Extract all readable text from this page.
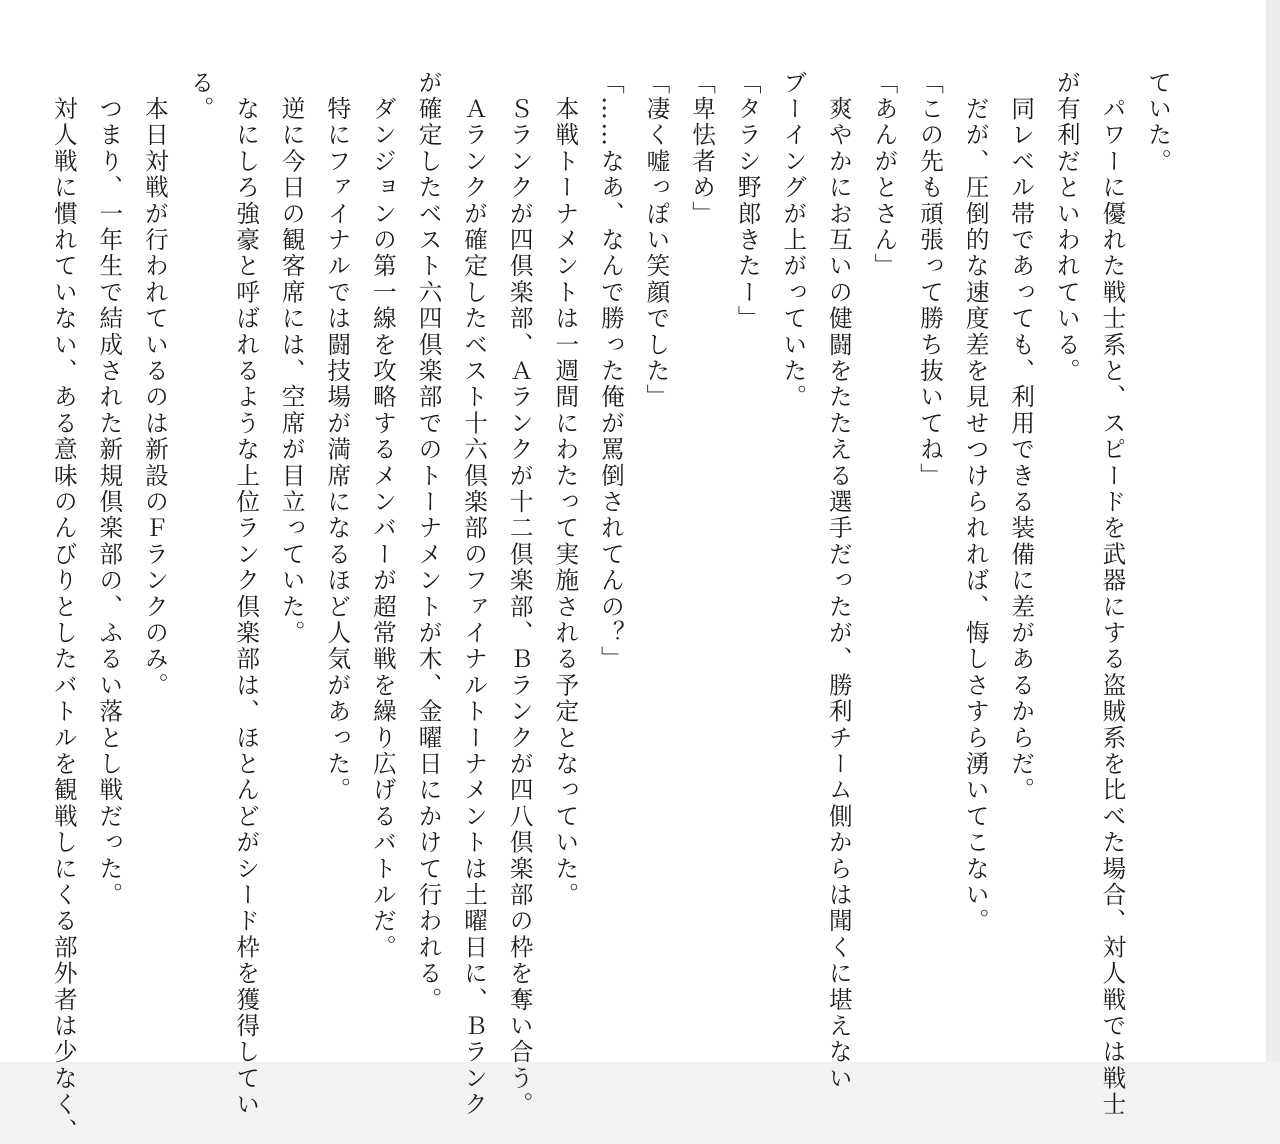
ていた。
　パワーに優れた戦士系と、スピードを武器にする盗賊系を比べた場合、対人戦では戦士
が有利だといわれている。
　同レベル帯であっても、利用できる装備に差があるからだ。
　だが、圧倒的な速度差を見せつけられれば、悔しさすら湧いてこない。
「この先も頑張って勝ち抜いてね」
「あんがとさん」
　爽やかにお互いの健闘をたたえる選手だったが、勝利チーム側からは聞くに堪えない
ブーイングが上がっていた。
「タラシ野郎きたー」
「卑怯者め」
「凄く嘘っぽい笑顔でした」
「……なあ、なんで勝った俺が罵倒されてんの？」
　本戦トーナメントは一週間にわたって実施される予定となっていた。
　Ｓランクが四倶楽部、Ａランクが十二倶楽部、Ｂランクが四八倶楽部の枠を奪い合う。
　Ａランクが確定したベスト十六倶楽部のファイナルトーナメントは土曜日に、Ｂランク
が確定したベスト六四倶楽部でのトーナメントが木、金曜日にかけて行われる。
　ダンジョンの第一線を攻略するメンバーが超常戦を繰り広げるバトルだ。
　特にファイナルでは闘技場が満席になるほど人気があった。
　逆に今日の観客席には、空席が目立っていた。
　なにしろ強豪と呼ばれるような上位ランク倶楽部は、ほとんどがシード枠を獲得してい
る。
　本日対戦が行われているのは新設のＦランクのみ。
　つまり、一年生で結成された新規倶楽部の、ふるい落とし戦だった。
　対人戦に慣れていない、ある意味のんびりとしたバトルを観戦しにくる部外者は少なく、
